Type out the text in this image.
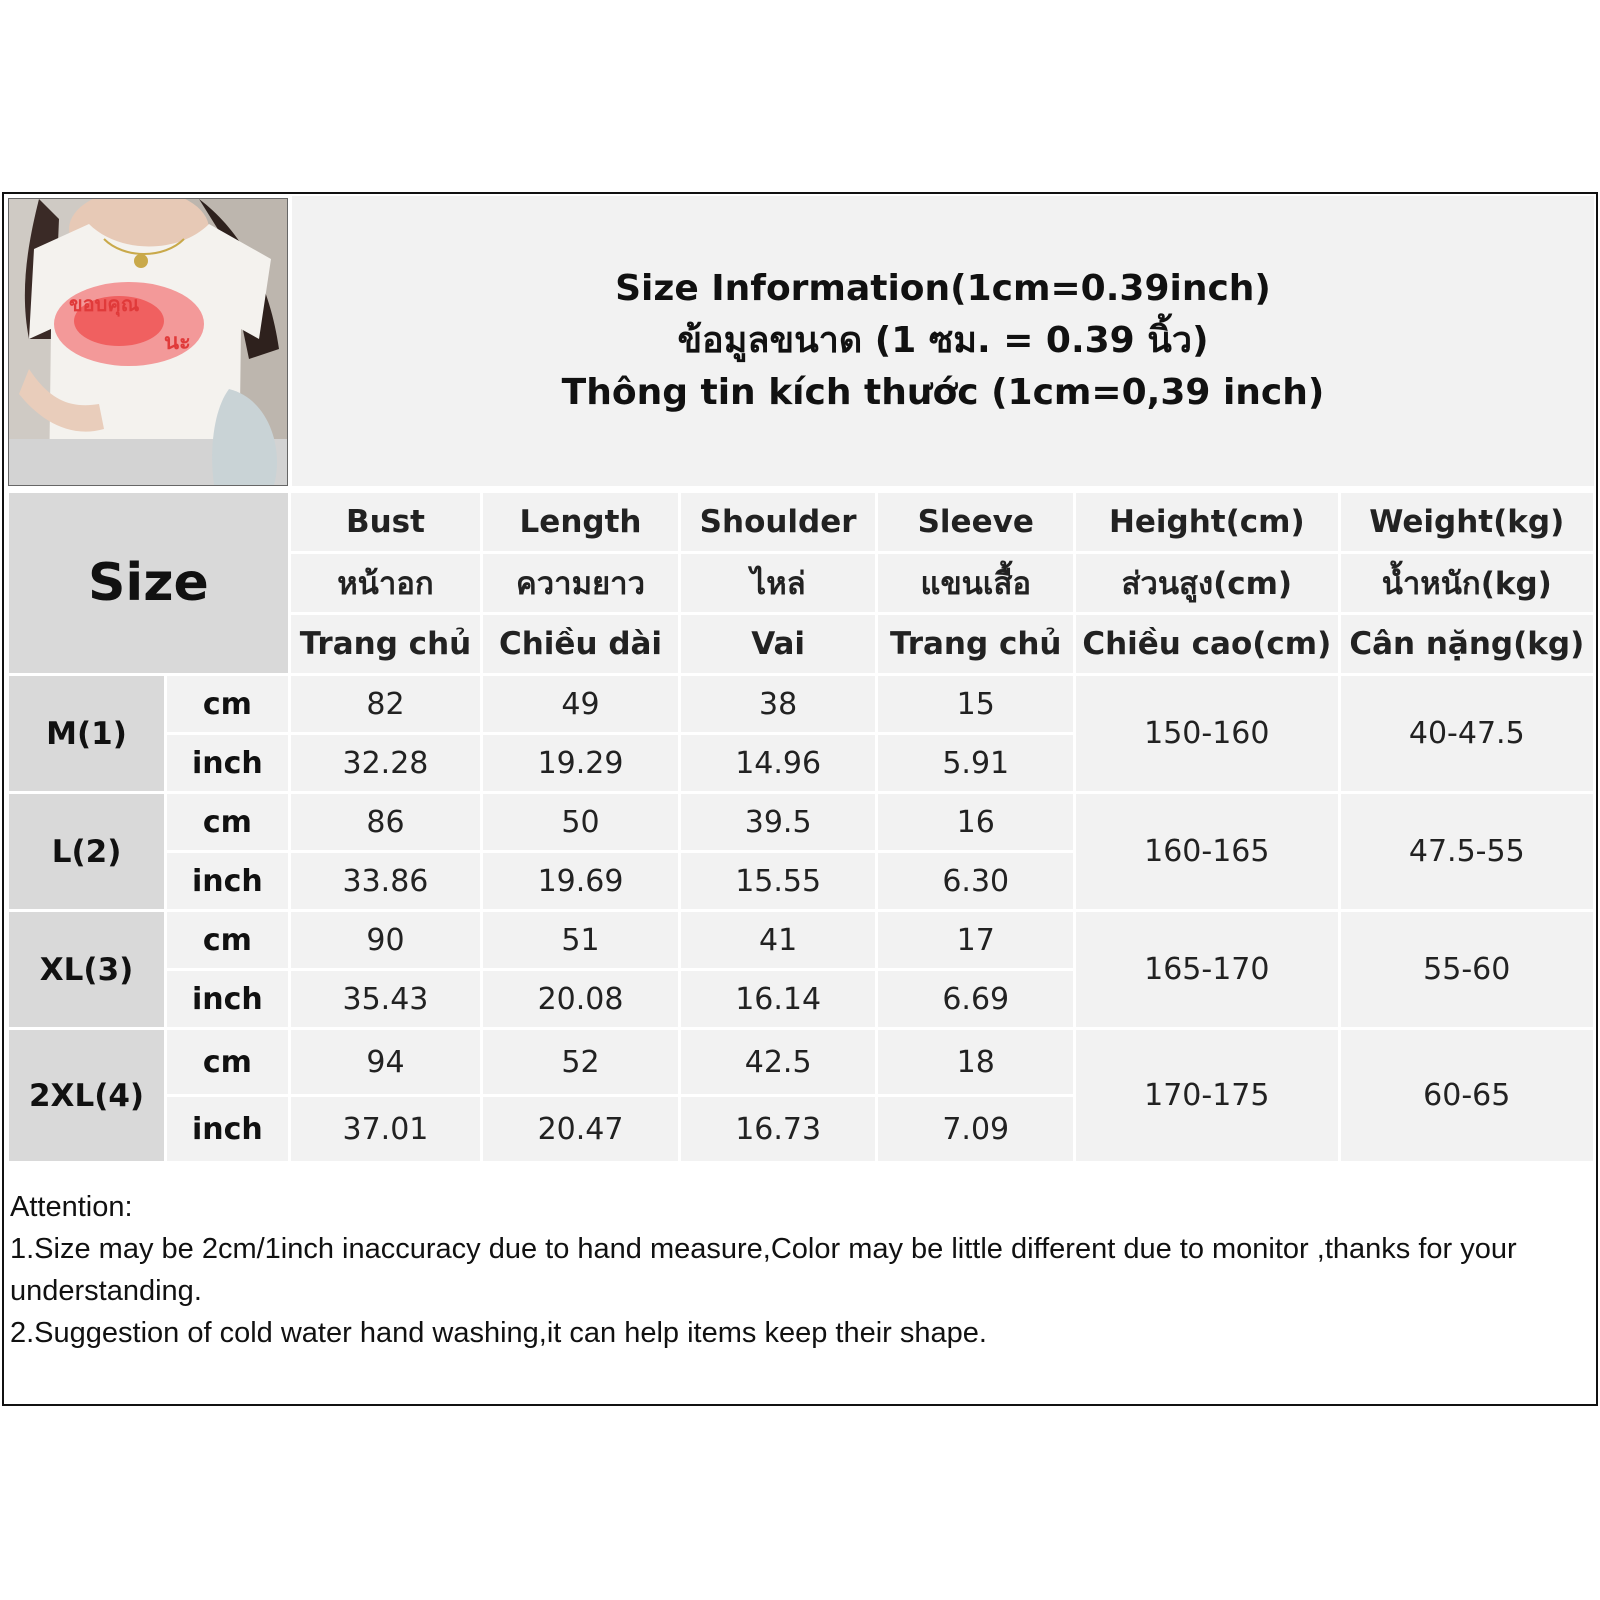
ขอบคุณ
นะ
Size Information(1cm=0.39inch)
ข้อมูลขนาด (1 ซม. = 0.39 นิ้ว)
Thông tin kích thước (1cm=0,39 inch)
Size		Bust	Length	Shoulder	Sleeve	Height(cm)	Weight(kg)
		หน้าอก	ความยาว	ไหล่	แขนเสื้อ	ส่วนสูง(cm)	น้ำหนัก(kg)
		Trang chủ	Chiều dài	Vai	Trang chủ	Chiều cao(cm)	Cân nặng(kg)
M(1)	cm	82	49	38	15	150-160	40-47.5
	inch	32.28	19.29	14.96	5.91		
L(2)	cm	86	50	39.5	16	160-165	47.5-55
	inch	33.86	19.69	15.55	6.30		
XL(3)	cm	90	51	41	17	165-170	55-60
	inch	35.43	20.08	16.14	6.69		
2XL(4)	cm	94	52	42.5	18	170-175	60-65
	inch	37.01	20.47	16.73	7.09		
Attention:
1.Size may be 2cm/1inch inaccuracy due to hand measure,Color may be little different due to monitor ,thanks for your understanding.
2.Suggestion of cold water hand washing,it can help items keep their shape.
